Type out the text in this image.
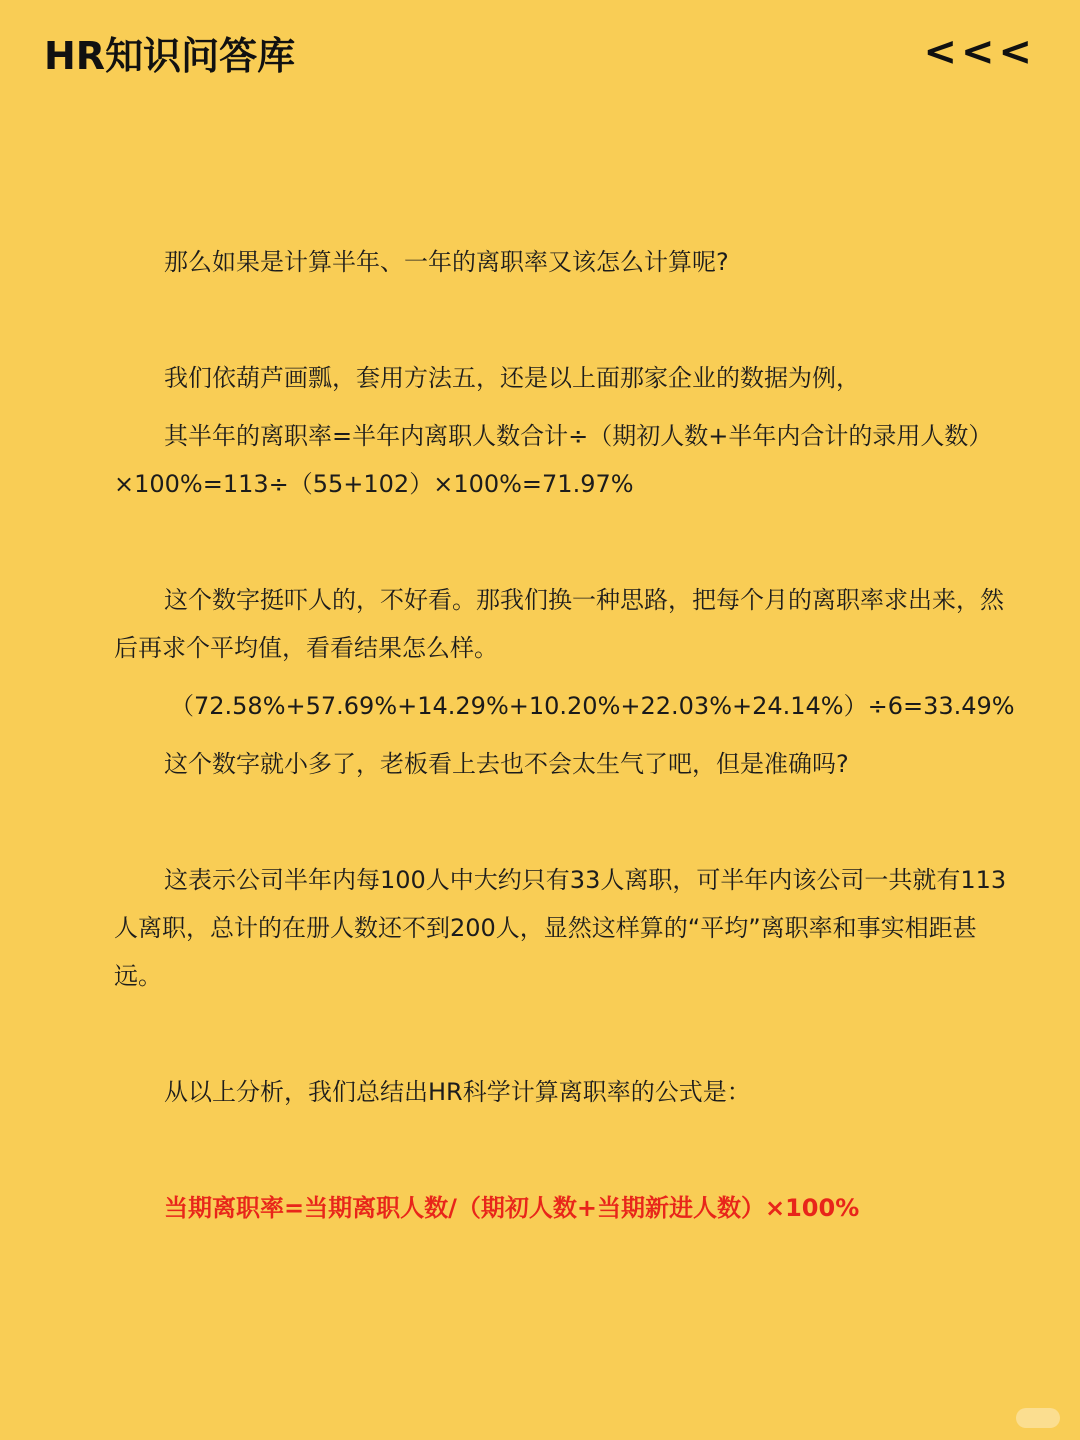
HR知识问答库	<<<
那么如果是计算半年、一年的离职率又该怎么计算呢?
我们依葫芦画瓢，套用方法五，还是以上面那家企业的数据为例，
其半年的离职率=半年内离职人数合计÷（期初人数+半年内合计的录用人数）×100%=113÷（55+102）×100%=71.97%
这个数字挺吓人的，不好看。那我们换一种思路，把每个月的离职率求出来，然后再求个平均值，看看结果怎么样。
（72.58%+57.69%+14.29%+10.20%+22.03%+24.14%）÷6=33.49%
这个数字就小多了，老板看上去也不会太生气了吧，但是准确吗?
这表示公司半年内每100人中大约只有33人离职，可半年内该公司一共就有113人离职，总计的在册人数还不到200人，显然这样算的“平均”离职率和事实相距甚远。
从以上分析，我们总结出HR科学计算离职率的公式是：
当期离职率=当期离职人数/（期初人数+当期新进人数）×100%
